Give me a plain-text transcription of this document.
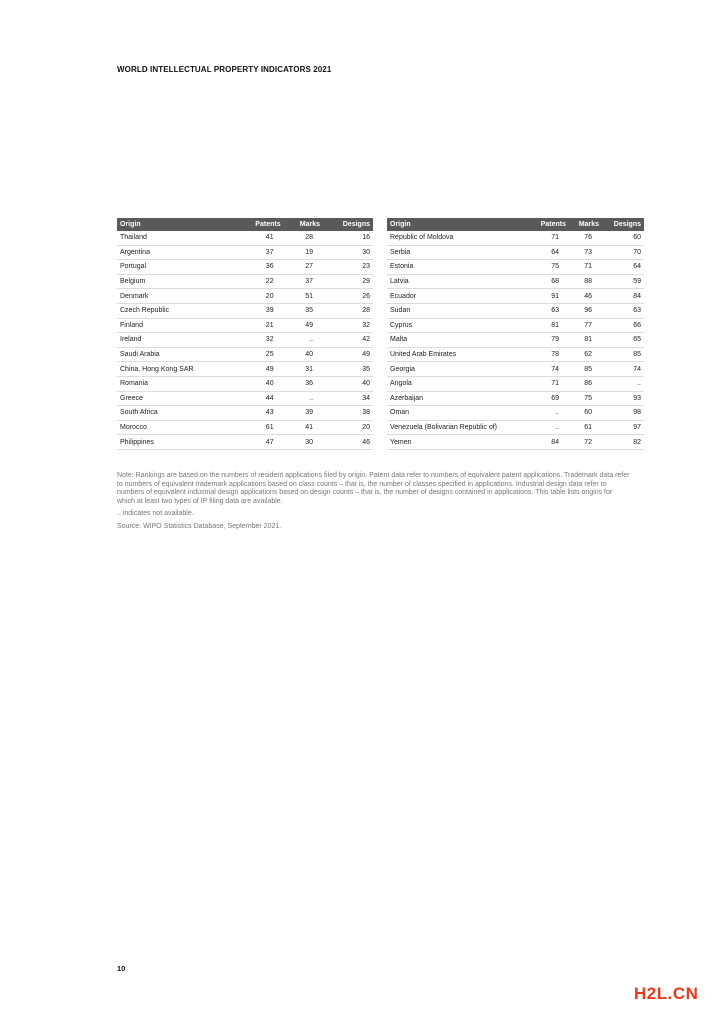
WORLD INTELLECTUAL PROPERTY INDICATORS 2021
Origin	Patents	Marks	Designs
Thailand	41	28	16
Argentina	37	19	30
Portugal	36	27	23
Belgium	22	37	29
Denmark	20	51	26
Czech Republic	39	35	28
Finland	21	49	32
Ireland	32	..	42
Saudi Arabia	25	40	49
China, Hong Kong SAR	49	31	35
Romania	40	36	40
Greece	44	..	34
South Africa	43	39	38
Morocco	61	41	20
Philippines	47	30	46
Origin	Patents	Marks	Designs
Republic of Moldova	71	76	60
Serbia	64	73	70
Estonia	75	71	64
Latvia	68	88	59
Ecuador	91	46	84
Sudan	63	96	63
Cyprus	81	77	66
Malta	79	81	65
United Arab Emirates	78	62	85
Georgia	74	85	74
Angola	71	86	..
Azerbaijan	69	75	93
Oman	..	60	98
Venezuela (Bolivarian Republic of)	..	61	97
Yemen	84	72	82

Note: Rankings are based on the numbers of resident applications filed by origin. Patent data refer to numbers of equivalent patent applications. Trademark data refer to numbers of equivalent trademark applications based on class counts – that is, the number of classes specified in applications. Industrial design data refer to numbers of equivalent industrial design applications based on design counts – that is, the number of designs contained in applications. This table lists origins for which at least two types of IP filing data are available.

.. indicates not available.

Source: WIPO Statistics Database, September 2021.

10
H2L.CN
